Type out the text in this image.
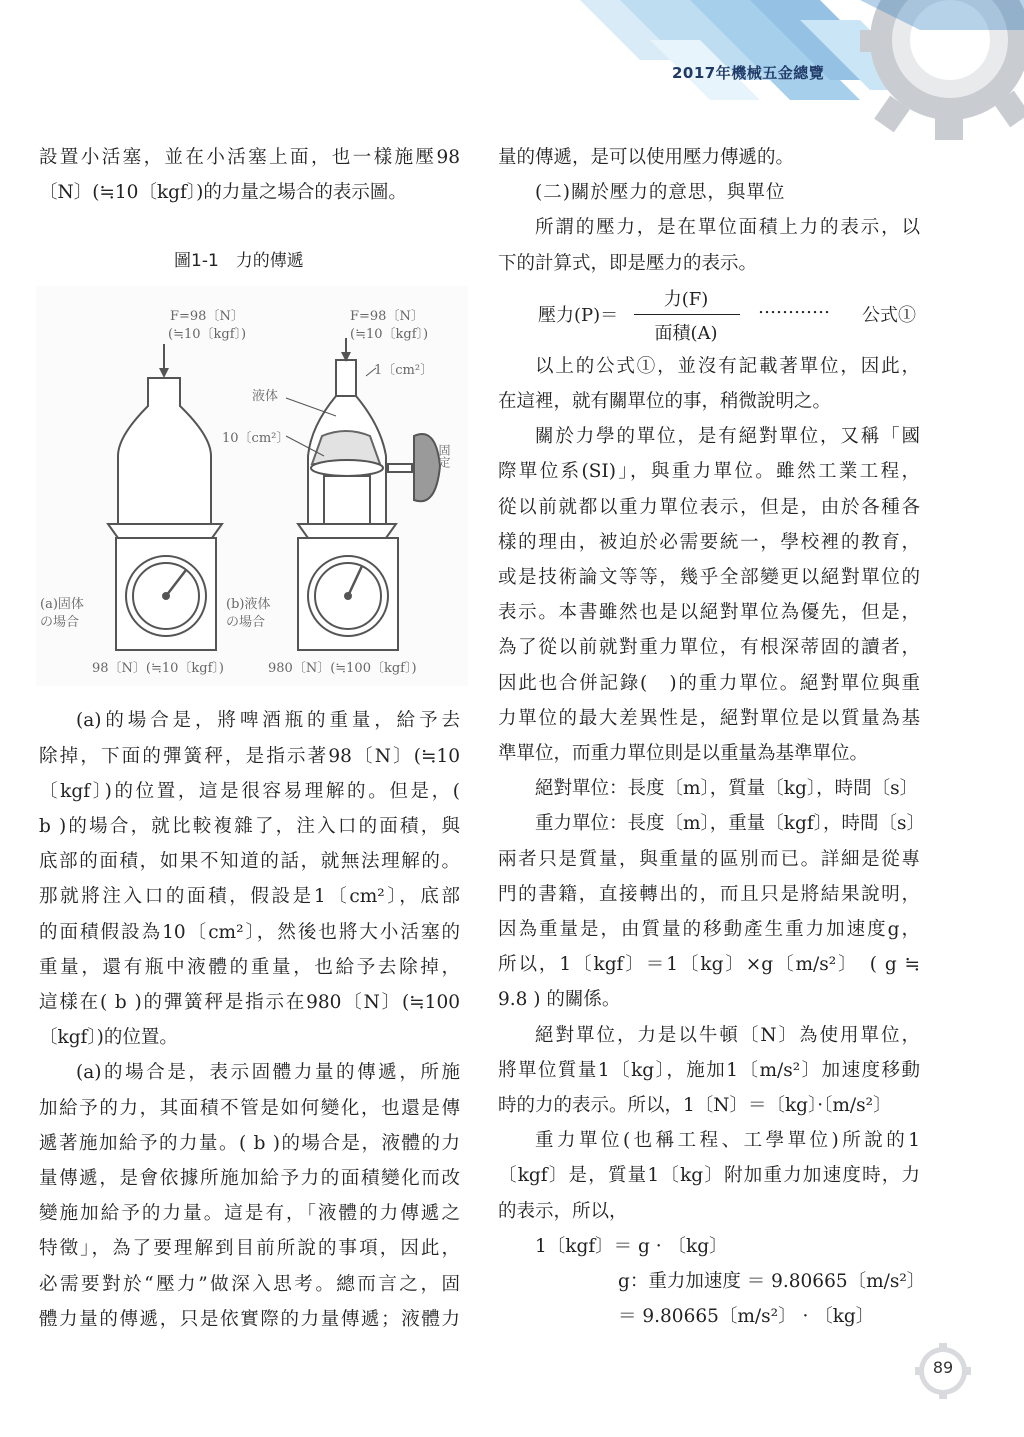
2017年機械五金總覽

設置小活塞，並在小活塞上面，也一樣施壓98

〔N〕(≒10〔kgf〕)的力量之場合的表示圖。

(a)的場合是，將啤酒瓶的重量，給予去

除掉，下面的彈簧秤，是指示著98〔N〕(≒10

〔kgf〕)的位置，這是很容易理解的。但是，(

b )的場合，就比較複雜了，注入口的面積，與

底部的面積，如果不知道的話，就無法理解的。

那就將注入口的面積，假設是1〔cm²〕，底部

的面積假設為10〔cm²〕，然後也將大小活塞的

重量，還有瓶中液體的重量，也給予去除掉，

這樣在( b )的彈簧秤是指示在980〔N〕(≒100

〔kgf〕)的位置。

(a)的場合是，表示固體力量的傳遞，所施

加給予的力，其面積不管是如何變化，也還是傳

遞著施加給予的力量。( b )的場合是，液體的力

量傳遞，是會依據所施加給予力的面積變化而改

變施加給予的力量。這是有，「液體的力傳遞之

特徵」，為了要理解到目前所說的事項，因此，

必需要對於“壓力”做深入思考。總而言之，固

體力量的傳遞，只是依實際的力量傳遞；液體力

圖1-1　力的傳遞
F=98〔N〕
(≒10〔kgf〕)
F=98〔N〕
(≒10〔kgf〕)
1〔cm²〕
液体
10〔cm²〕
固定
(a)固体
の場合
(b)液体
の場合
98〔N〕(≒10〔kgf〕)	980〔N〕(≒100〔kgf〕)

量的傳遞，是可以使用壓力傳遞的。

(二)關於壓力的意思，與單位

所謂的壓力，是在單位面積上力的表示，以

下的計算式，即是壓力的表示。

以上的公式①，並沒有記載著單位，因此，

在這裡，就有關單位的事，稍微說明之。

關於力學的單位，是有絕對單位，又稱「國

際單位系(SI)」，與重力單位。雖然工業工程，

從以前就都以重力單位表示，但是，由於各種各

樣的理由，被迫於必需要統一，學校裡的教育，

或是技術論文等等，幾乎全部變更以絕對單位的

表示。本書雖然也是以絕對單位為優先，但是，

為了從以前就對重力單位，有根深蒂固的讀者，

因此也合併記錄(　)的重力單位。絕對單位與重

力單位的最大差異性是，絕對單位是以質量為基

準單位，而重力單位則是以重量為基準單位。

絕對單位：長度〔m〕，質量〔kg〕，時間〔s〕

重力單位：長度〔m〕，重量〔kgf〕，時間〔s〕

兩者只是質量，與重量的區別而已。詳細是從專

門的書籍，直接轉出的，而且只是將結果說明，

因為重量是，由質量的移動產生重力加速度g，

所以，1〔kgf〕＝1〔kg〕×g〔m/s²〕　( g ≒

9.8 ) 的關係。

絕對單位，力是以牛頓〔N〕為使用單位，

將單位質量1〔kg〕，施加1〔m/s²〕加速度移動

時的力的表示。所以，1〔N〕＝〔kg〕·〔m/s²〕

重力單位(也稱工程、工學單位)所說的1

〔kgf〕是，質量1〔kg〕附加重力加速度時，力

的表示，所以，

1〔kgf〕＝ g · 〔kg〕

g：重力加速度 ＝ 9.80665〔m/s²〕

＝ 9.80665〔m/s²〕 · 〔kg〕

壓力(P)＝
力(F)
面積(A)
………… 公式①
89
